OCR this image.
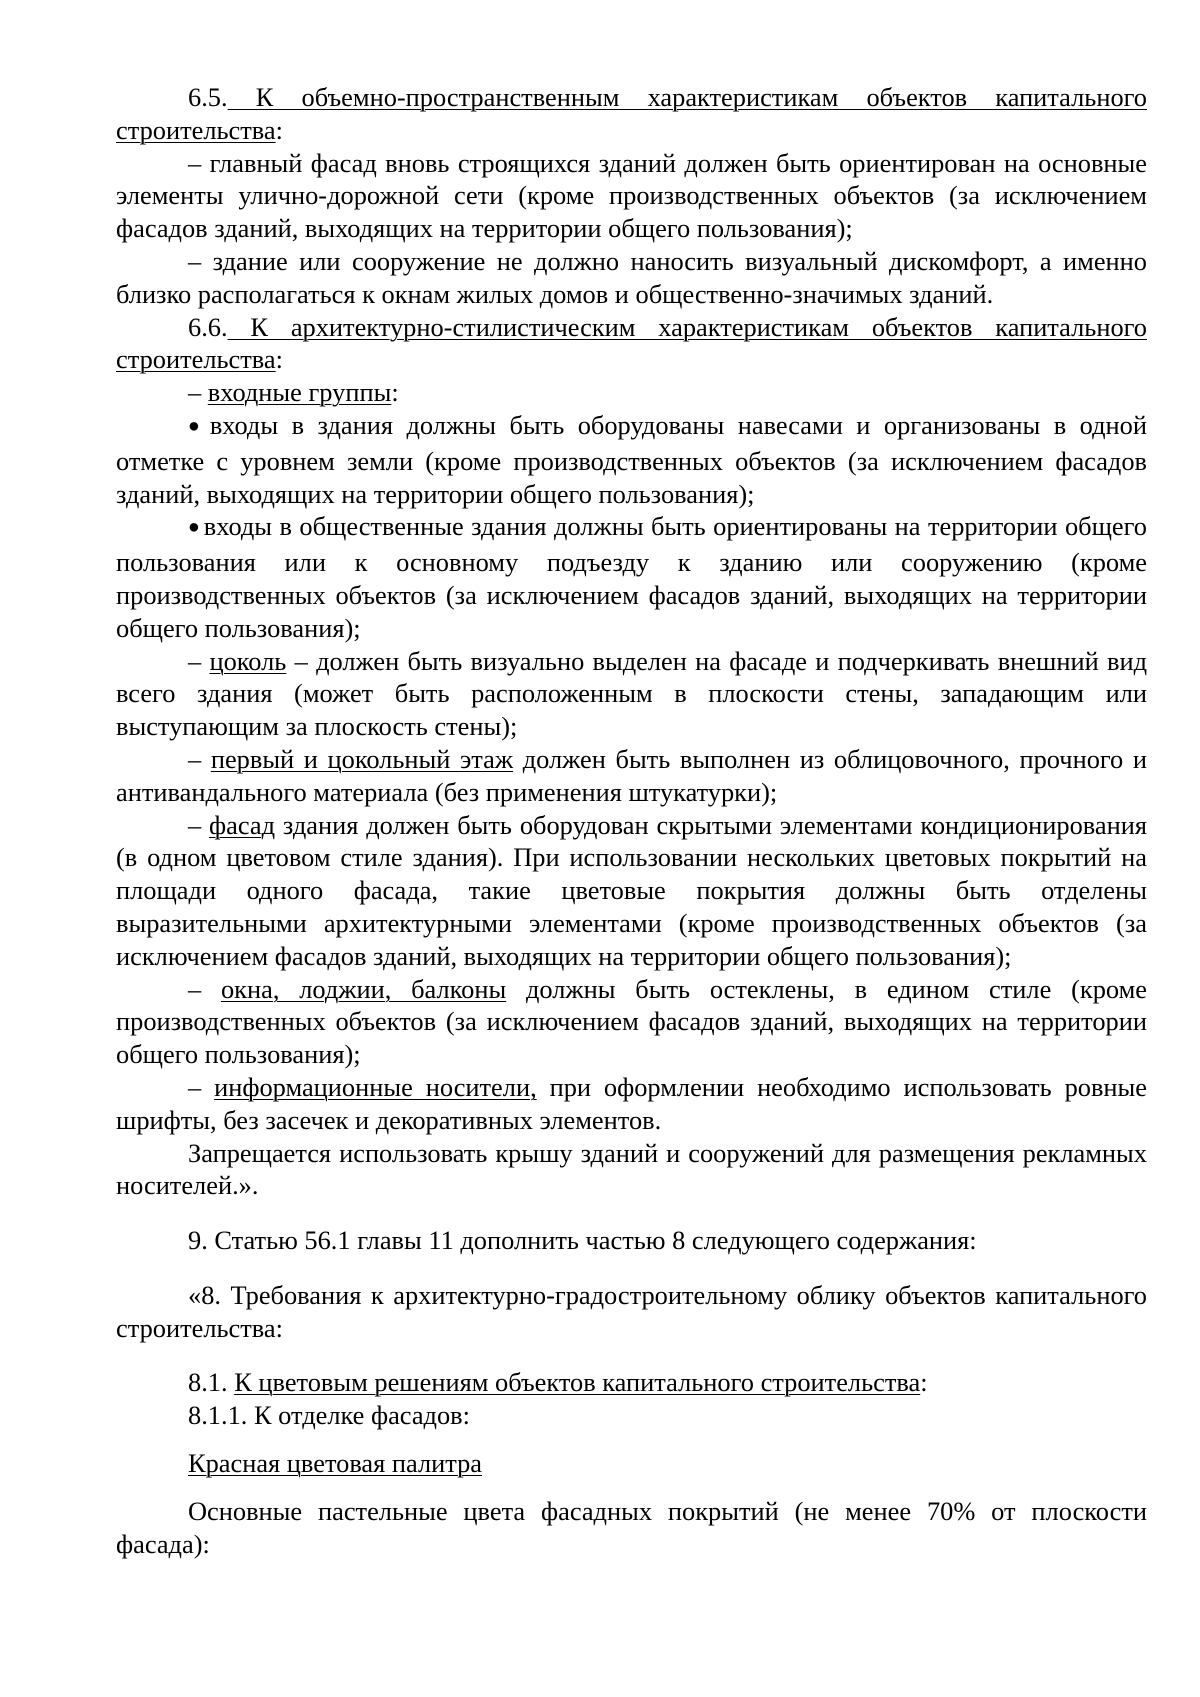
6.5. К объемно-пространственным характеристикам объектов капитального строительства:

– главный фасад вновь строящихся зданий должен быть ориентирован на основные элементы улично-дорожной сети (кроме производственных объектов (за исключением фасадов зданий, выходящих на территории общего пользования);

– здание или сооружение не должно наносить визуальный дискомфорт, а именно близко располагаться к окнам жилых домов и общественно-значимых зданий.

6.6. К архитектурно-стилистическим характеристикам объектов капитального строительства:

– входные группы:

● входы в здания должны быть оборудованы навесами и организованы в одной отметке с уровнем земли (кроме производственных объектов (за исключением фасадов зданий, выходящих на территории общего пользования);

● входы в общественные здания должны быть ориентированы на территории общего пользования или к основному подъезду к зданию или сооружению (кроме производственных объектов (за исключением фасадов зданий, выходящих на территории общего пользования);

– цоколь – должен быть визуально выделен на фасаде и подчеркивать внешний вид всего здания (может быть расположенным в плоскости стены, западающим или выступающим за плоскость стены);

– первый и цокольный этаж должен быть выполнен из облицовочного, прочного и антивандального материала (без применения штукатурки);

– фасад здания должен быть оборудован скрытыми элементами кондиционирования (в одном цветовом стиле здания). При использовании нескольких цветовых покрытий на площади одного фасада, такие цветовые покрытия должны быть отделены выразительными архитектурными элементами (кроме производственных объектов (за исключением фасадов зданий, выходящих на территории общего пользования);

– окна, лоджии, балконы должны быть остеклены, в едином стиле (кроме производственных объектов (за исключением фасадов зданий, выходящих на территории общего пользования);

– информационные носители, при оформлении необходимо использовать ровные шрифты, без засечек и декоративных элементов.

Запрещается использовать крышу зданий и сооружений для размещения рекламных носителей.».

9. Статью 56.1 главы 11 дополнить частью 8 следующего содержания:

«8. Требования к архитектурно-градостроительному облику объектов капитального строительства:

8.1. К цветовым решениям объектов капитального строительства:

8.1.1. К отделке фасадов:

Красная цветовая палитра

Основные пастельные цвета фасадных покрытий (не менее 70% от плоскости фасада):
